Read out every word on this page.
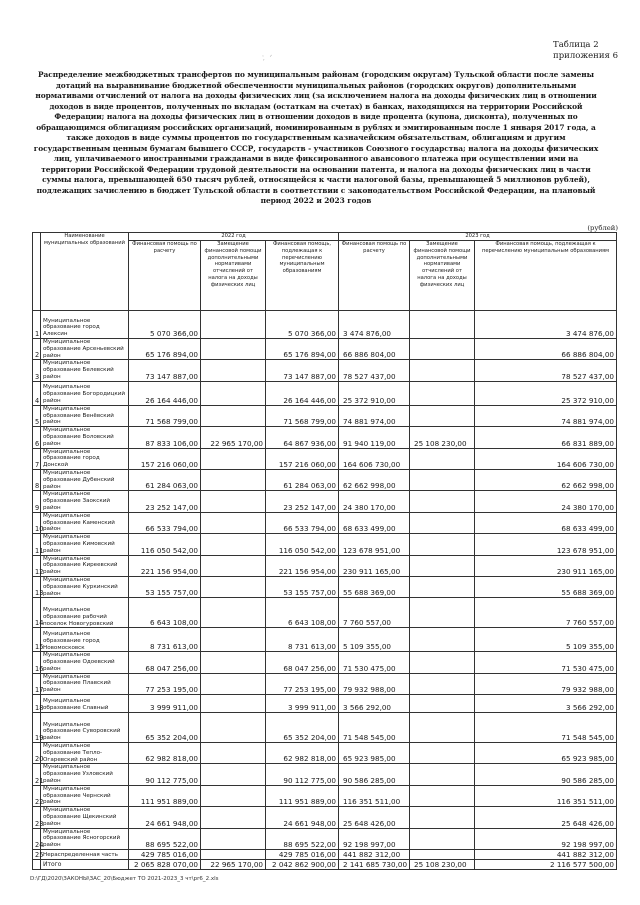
Таблица 2
приложения 6
ᵔ᷊ ᐟ
Распределение межбюджетных трансфертов по муниципальным районам (городским округам) Тульской области после замены дотаций на выравнивание бюджетной обеспеченности муниципальных районов (городских округов) дополнительными нормативами отчислений от налога на доходы физических лиц (за исключением налога на доходы физических лиц в отношении доходов в виде процентов, полученных по вкладам (остаткам на счетах) в банках, находящихся на территории Российской Федерации; налога на доходы физических лиц в отношении доходов в виде процента (купона, дисконта), полученных по обращающимся облигациям российских организаций, номинированным в рублях и эмитированным после 1 января 2017 года, а также доходов в виде суммы процентов по государственным казначейским обязательствам, облигациям и другим государственным ценным бумагам бывшего СССР, государств - участников Союзного государства; налога на доходы физических лиц, уплачиваемого иностранными гражданами в виде фиксированного авансового платежа при осуществлении ими на территории Российской Федерации трудовой деятельности на основании патента, и налога на доходы физических лиц в части суммы налога, превышающей 650 тысяч рублей, относящейся к части налоговой базы, превышающей 5 миллионов рублей), подлежащих зачислению в бюджет Тульской области в соответствии с законодательством Российской Федерации, на плановый период 2022 и 2023 годов
(рублей)
	Наименование муниципальных образований	2022 год			2023 год		
		Финансовая помощь по расчету	Замещение финансовой помощи дополнительными нормативами отчислений от налога на доходы физических лиц	Финансовая помощь, подлежащая к перечислению муниципальным образованиям	Финансовая помощь по расчету	Замещение финансовой помощи дополнительными нормативами отчислений от налога на доходы физических лиц	Финансовая помощь, подлежащая к перечислению муниципальным образованиям
1	Муниципальное образование город Алексин	5 070 366,00		5 070 366,00	3 474 876,00		3 474 876,00
2	Муниципальное образование Арсеньевский район	65 176 894,00		65 176 894,00	66 886 804,00		66 886 804,00
3	Муниципальное образование Белевский район	73 147 887,00		73 147 887,00	78 527 437,00		78 527 437,00
4	Муниципальное образование Богородицкий район	26 164 446,00		26 164 446,00	25 372 910,00		25 372 910,00
5	Муниципальное образование Венёвский район	71 568 799,00		71 568 799,00	74 881 974,00		74 881 974,00
6	Муниципальное образование Воловский район	87 833 106,00	22 965 170,00	64 867 936,00	91 940 119,00	25 108 230,00	66 831 889,00
7	Муниципальное образование город Донской	157 216 060,00		157 216 060,00	164 606 730,00		164 606 730,00
8	Муниципальное образование Дубенский район	61 284 063,00		61 284 063,00	62 662 998,00		62 662 998,00
9	Муниципальное образование Заокский район	23 252 147,00		23 252 147,00	24 380 170,00		24 380 170,00
10	Муниципальное образование Каменский район	66 533 794,00		66 533 794,00	68 633 499,00		68 633 499,00
11	Муниципальное образование Кимовский район	116 050 542,00		116 050 542,00	123 678 951,00		123 678 951,00
12	Муниципальное образование Киреевский район	221 156 954,00		221 156 954,00	230 911 165,00		230 911 165,00
13	Муниципальное образование Куркинский район	53 155 757,00		53 155 757,00	55 688 369,00		55 688 369,00
14	Муниципальное образование рабочий поселок Новогуровский	6 643 108,00		6 643 108,00	7 760 557,00		7 760 557,00
15	Муниципальное образование город Новомосковск	8 731 613,00		8 731 613,00	5 109 355,00		5 109 355,00
16	Муниципальное образование Одоевский район	68 047 256,00		68 047 256,00	71 530 475,00		71 530 475,00
17	Муниципальное образование Плавский район	77 253 195,00		77 253 195,00	79 932 988,00		79 932 988,00
18	Муниципальное образование Славный	3 999 911,00		3 999 911,00	3 566 292,00		3 566 292,00
19	Муниципальное образование Суворовский район	65 352 204,00		65 352 204,00	71 548 545,00		71 548 545,00
20	Муниципальное образование Тепло-Огаревский район	62 982 818,00		62 982 818,00	65 923 985,00		65 923 985,00
21	Муниципальное образование Узловский район	90 112 775,00		90 112 775,00	90 586 285,00		90 586 285,00
22	Муниципальное образование Чернский район	111 951 889,00		111 951 889,00	116 351 511,00		116 351 511,00
23	Муниципальное образование Щекинский район	24 661 948,00		24 661 948,00	25 648 426,00		25 648 426,00
24	Муниципальное образование Ясногорский район	88 695 522,00		88 695 522,00	92 198 997,00		92 198 997,00
25	Нераспределенная часть	429 785 016,00		429 785 016,00	441 882 312,00		441 882 312,00
	Итого	2 065 828 070,00	22 965 170,00	2 042 862 900,00	2 141 685 730,00	25 108 230,00	2 116 577 500,00
D:\ГД\2020\ЗАКОНЫ\ЗАС_20\Бюджет ТО 2021-2023_3 чт\pr6_2.xls
